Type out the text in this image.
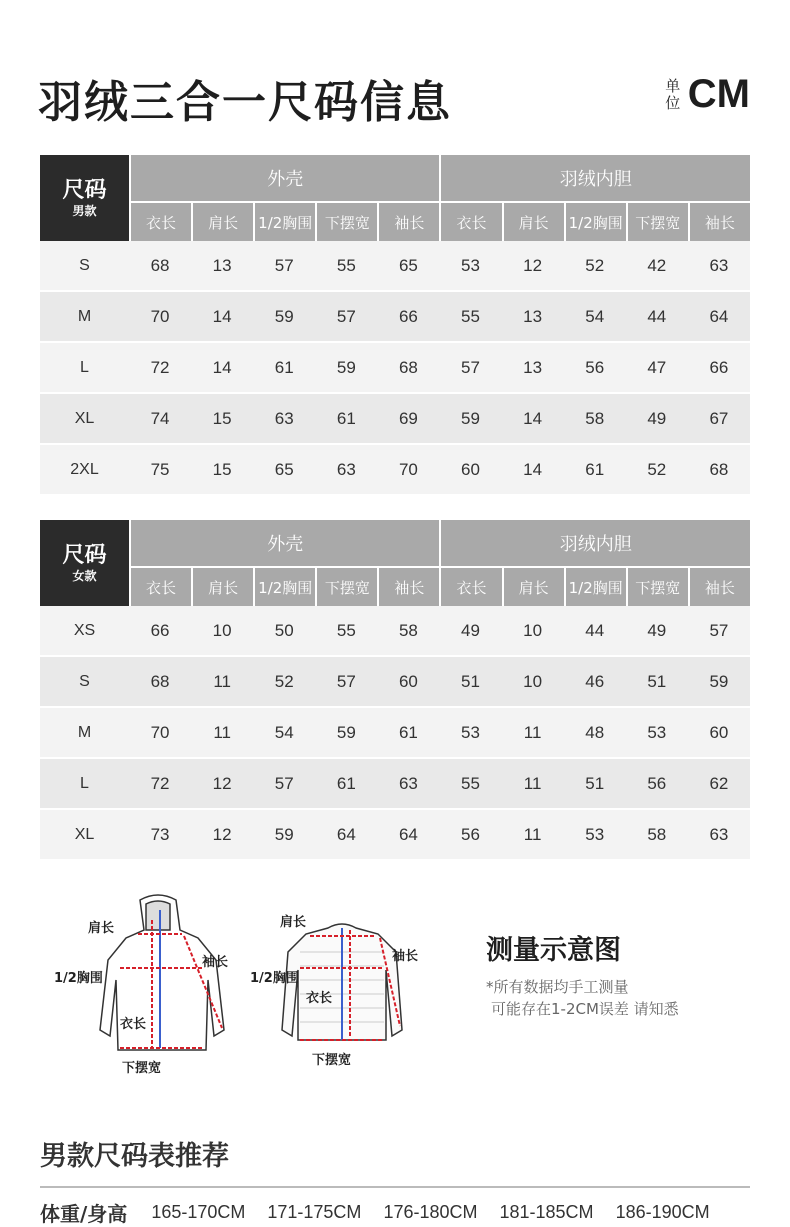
羽绒三合一尺码信息	单位 CM
尺码
男款	外壳					羽绒内胆				
	衣长	肩长	1/2胸围	下摆宽	袖长	衣长	肩长	1/2胸围	下摆宽	袖长
S	68	13	57	55	65	53	12	52	42	63
M	70	14	59	57	66	55	13	54	44	64
L	72	14	61	59	68	57	13	56	47	66
XL	74	15	63	61	69	59	14	58	49	67
2XL	75	15	65	63	70	60	14	61	52	68
尺码
女款	外壳					羽绒内胆				
	衣长	肩长	1/2胸围	下摆宽	袖长	衣长	肩长	1/2胸围	下摆宽	袖长
XS	66	10	50	55	58	49	10	44	49	57
S	68	11	52	57	60	51	10	46	51	59
M	70	11	54	59	61	53	11	48	53	60
L	72	12	57	61	63	55	11	51	56	62
XL	73	12	59	64	64	56	11	53	58	63
肩长
袖长
1/2胸围
衣长
下摆宽
肩长
袖长
1/2胸围
衣长
下摆宽
测量示意图
*所有数据均手工测量
可能存在1-2CM误差 请知悉
男款尺码表推荐
体重/身高 165-170CM 171-175CM 176-180CM 181-185CM 186-190CM
